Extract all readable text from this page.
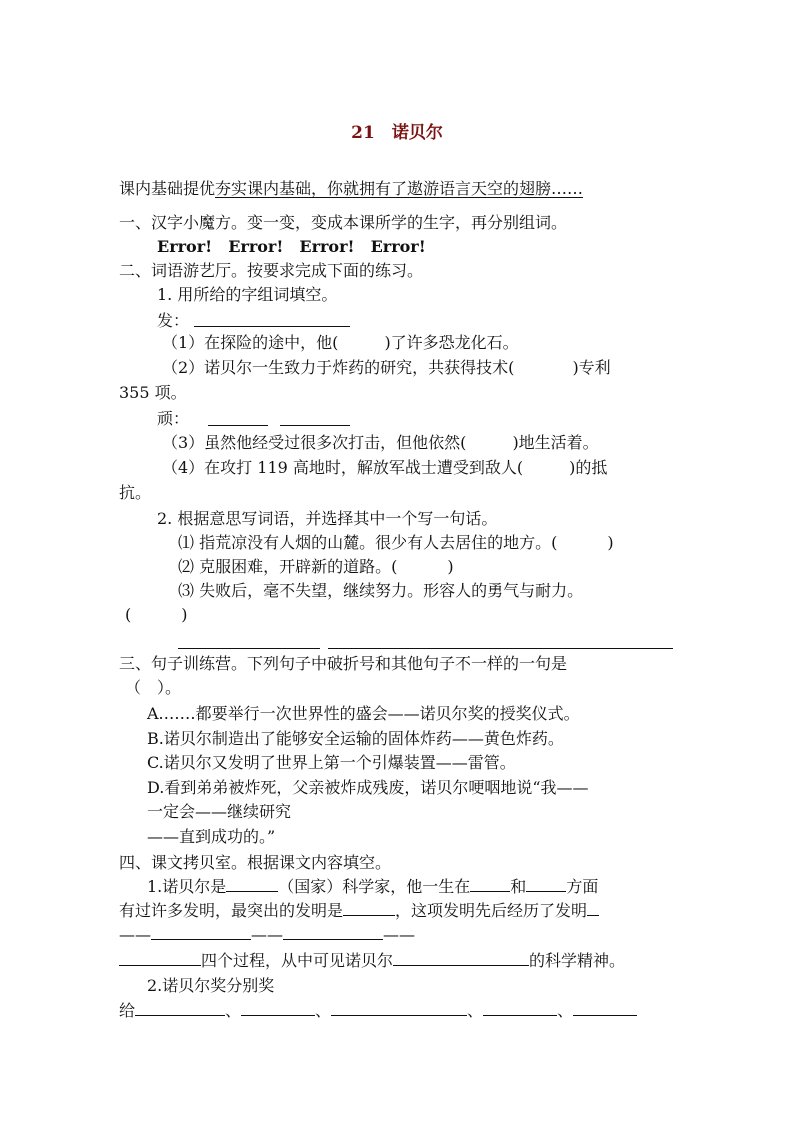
21　 诺贝尔
课内基础提优夯实课内基础，你就拥有了遨游语言天空的翅膀……
一、汉字小魔方。变一变，变成本课所学的生字，再分别组词。
Error!   Error!   Error!   Error!
二、词语游艺厅。按要求完成下面的练习。
1. 用所给的字组词填空。
发：
（1）在探险的途中，他(	)了许多恐龙化石。
（2）诺贝尔一生致力于炸药的研究，共获得技术(	)专利
355 项。
顽：
（3）虽然他经受过很多次打击，但他依然(	)地生活着。
（4）在攻打 119 高地时，解放军战士遭受到敌人(	)的抵
抗。
2. 根据意思写词语，并选择其中一个写一句话。
⑴ 指荒凉没有人烟的山麓。很少有人去居住的地方。(	)
⑵ 克服困难，开辟新的道路。(	)
⑶ 失败后，毫不失望，继续努力。形容人的勇气与耐力。
(	)
三、句子训练营。下列句子中破折号和其他句子不一样的一句是
（　）。
A.……都要举行一次世界性的盛会——诺贝尔奖的授奖仪式。
B.诺贝尔制造出了能够安全运输的固体炸药——黄色炸药。
C.诺贝尔又发明了世界上第一个引爆装置——雷管。
D.看到弟弟被炸死，父亲被炸成残废，诺贝尔哽咽地说“我——
一定会——继续研究
——直到成功的。”
四、课文拷贝室。根据课文内容填空。
1.诺贝尔是	（国家）科学家，他一生在	和	方面
有过许多发明，最突出的发明是	，这项发明先后经历了发明
——	——	——
四个过程，从中可见诺贝尔	的科学精神。
2.诺贝尔奖分别奖
给	、	、	、	、
